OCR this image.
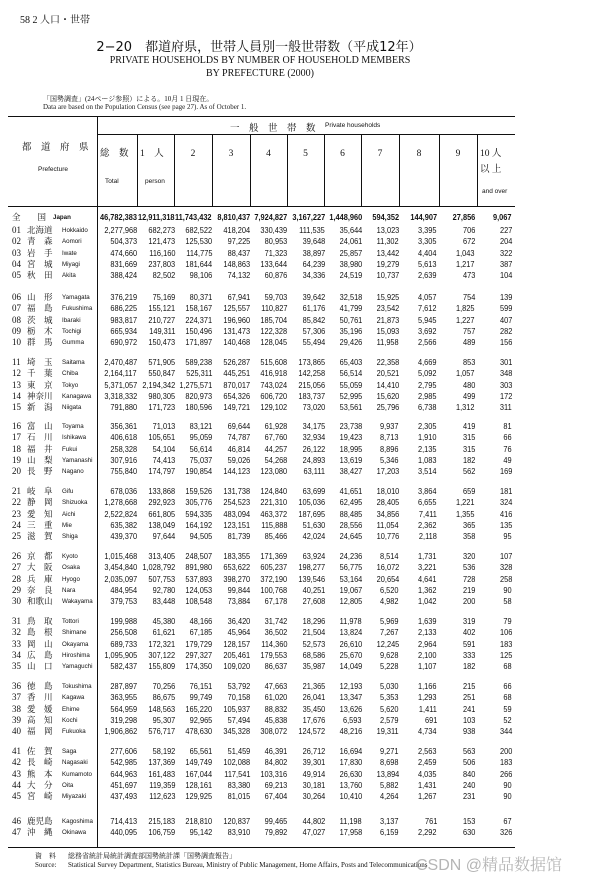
58 2 人口・世帯
2−20　都道府県，世帯人員別一般世帯数（平成12年）
PRIVATE HOUSEHOLDS BY NUMBER OF HOUSEHOLD MEMBERS
BY PREFECTURE (2000)
「国勢調査」(24ページ参照）による。10月 1 日現在。
Data are based on the Population Census (see page 27). As of October 1.
都　道　府　県
Prefecture
一　般　世　帯　数 Private households
総　数
Total
1　人
person
2	3	4	5	6	7	8	9	10 人
以 上
and over
全　　国 Japan	46,782,383 12,911,318 11,743,432 8,810,437 7,924,827 3,167,227 1,448,960	594,352	144,907	27,856	9,067
01 北海道 Hokkaido	2,277,968	682,273	682,522	418,204	330,439	111,535	35,644	13,023	3,395	706	227
02 青　森 Aomori	504,373	121,473	125,530	97,225	80,953	39,648	24,061	11,302	3,305	672	204
03 岩　手 Iwate	474,660	116,160	114,775	88,437	71,323	38,897	25,857	13,442	4,404	1,043	322
04 宮　城 Miyagi	831,669	237,803	181,644	148,863	133,644	64,239	38,980	19,279	5,613	1,217	387
05 秋　田 Akita	388,424	82,502	98,106	74,132	60,876	34,336	24,519	10,737	2,639	473	104
06 山　形 Yamagata	376,219	75,169	80,371	67,941	59,703	39,642	32,518	15,925	4,057	754	139
07 福　島 Fukushima	686,225	155,121	158,167	125,557	110,827	61,176	41,799	23,542	7,612	1,825	599
08 茨　城 Ibaraki	983,817	210,727	224,371	196,960	185,704	85,842	50,761	21,873	5,945	1,227	407
09 栃　木 Tochigi	665,934	149,311	150,496	131,473	122,328	57,306	35,196	15,093	3,692	757	282
10 群　馬 Gumma	690,972	150,473	171,897	140,468	128,045	55,494	29,426	11,958	2,566	489	156
11 埼　玉 Saitama	2,470,487	571,905	589,238	526,287	515,608	173,865	65,403	22,358	4,669	853	301
12 千　葉 Chiba	2,164,117	550,847	525,311	445,251	416,918	142,258	56,514	20,521	5,092	1,057	348
13 東　京 Tokyo	5,371,057 2,194,342 1,275,571	870,017	743,024	215,056	55,059	14,410	2,795	480	303
14 神奈川 Kanagawa	3,318,332	980,305	820,973	654,326	606,720	183,737	52,995	15,620	2,985	499	172
15 新　潟 Niigata	791,880	171,723	180,596	149,721	129,102	73,020	53,561	25,796	6,738	1,312	311
16 富　山 Toyama	356,361	71,013	83,121	69,644	61,928	34,175	23,738	9,937	2,305	419	81
17 石　川 Ishikawa	406,618	105,651	95,059	74,787	67,760	32,934	19,423	8,713	1,910	315	66
18 福　井 Fukui	258,328	54,104	56,614	46,814	44,257	26,122	18,995	8,896	2,135	315	76
19 山　梨 Yamanashi	307,916	74,413	75,037	59,026	54,268	24,893	13,619	5,346	1,083	182	49
20 長　野 Nagano	755,840	174,797	190,854	144,123	123,080	63,111	38,427	17,203	3,514	562	169
21 岐　阜 Gifu	678,036	133,868	159,526	131,738	124,840	63,699	41,651	18,010	3,864	659	181
22 静　岡 Shizuoka	1,278,668	292,923	305,776	254,523	221,310	105,036	62,495	28,405	6,655	1,221	324
23 愛　知 Aichi	2,522,824	661,805	594,335	483,094	463,372	187,695	88,485	34,856	7,411	1,355	416
24 三　重 Mie	635,382	138,049	164,192	123,151	115,888	51,630	28,556	11,054	2,362	365	135
25 滋　賀 Shiga	439,370	97,644	94,505	81,739	85,466	42,024	24,645	10,776	2,118	358	95
26 京　都 Kyoto	1,015,468	313,405	248,507	183,355	171,369	63,924	24,236	8,514	1,731	320	107
27 大　阪 Osaka	3,454,840 1,028,792	891,980	653,622	605,237	198,277	56,775	16,072	3,221	536	328
28 兵　庫 Hyogo	2,035,097	507,753	537,893	398,270	372,190	139,546	53,164	20,654	4,641	728	258
29 奈　良 Nara	484,954	92,780	124,053	99,844	100,768	40,251	19,067	6,520	1,362	219	90
30 和歌山 Wakayama	379,753	83,448	108,548	73,884	67,178	27,608	12,805	4,982	1,042	200	58
31 鳥　取 Tottori	199,988	45,380	48,166	36,420	31,742	18,296	11,978	5,969	1,639	319	79
32 島　根 Shimane	256,508	61,621	67,185	45,964	36,502	21,504	13,824	7,267	2,133	402	106
33 岡　山 Okayama	689,733	172,321	179,729	128,157	114,360	52,573	26,610	12,245	2,964	591	183
34 広　島 Hiroshima	1,095,905	307,122	297,327	205,461	179,553	68,586	25,670	9,628	2,100	333	125
35 山　口 Yamaguchi	582,437	155,809	174,350	109,020	86,637	35,987	14,049	5,228	1,107	182	68
36 徳　島 Tokushima	287,897	70,256	76,151	53,792	47,663	21,365	12,193	5,030	1,166	215	66
37 香　川 Kagawa	363,955	86,675	99,749	70,158	61,020	26,041	13,347	5,353	1,293	251	68
38 愛　媛 Ehime	564,959	148,563	165,220	105,937	88,832	35,450	13,626	5,620	1,411	241	59
39 高　知 Kochi	319,298	95,307	92,965	57,494	45,838	17,676	6,593	2,579	691	103	52
40 福　岡 Fukuoka	1,906,862	576,717	478,630	345,328	308,072	124,572	48,216	19,311	4,734	938	344
41 佐　賀 Saga	277,606	58,192	65,561	51,459	46,391	26,712	16,694	9,271	2,563	563	200
42 長　崎 Nagasaki	542,985	137,369	149,749	102,088	84,802	39,301	17,830	8,698	2,459	506	183
43 熊　本 Kumamoto	644,963	161,483	167,044	117,541	103,316	49,914	26,630	13,894	4,035	840	266
44 大　分 Oita	451,697	119,359	128,161	83,380	69,213	30,181	13,760	5,882	1,431	240	90
45 宮　崎 Miyazaki	437,493	112,623	129,925	81,015	67,404	30,264	10,410	4,264	1,267	231	90
46 鹿児島 Kagoshima	714,413	215,183	218,810	120,837	99,465	44,802	11,198	3,137	761	153	67
47 沖　縄 Okinawa	440,095	106,759	95,142	83,910	79,892	47,027	17,958	6,159	2,292	630	326
資　料 総務省統計局統計調査部国勢統計課「国勢調査報告」
Source: Statistical Survey Department, Statistics Bureau, Ministry of Public Management, Home Affairs, Posts and Telecommunications
CSDN @精品数据馆
